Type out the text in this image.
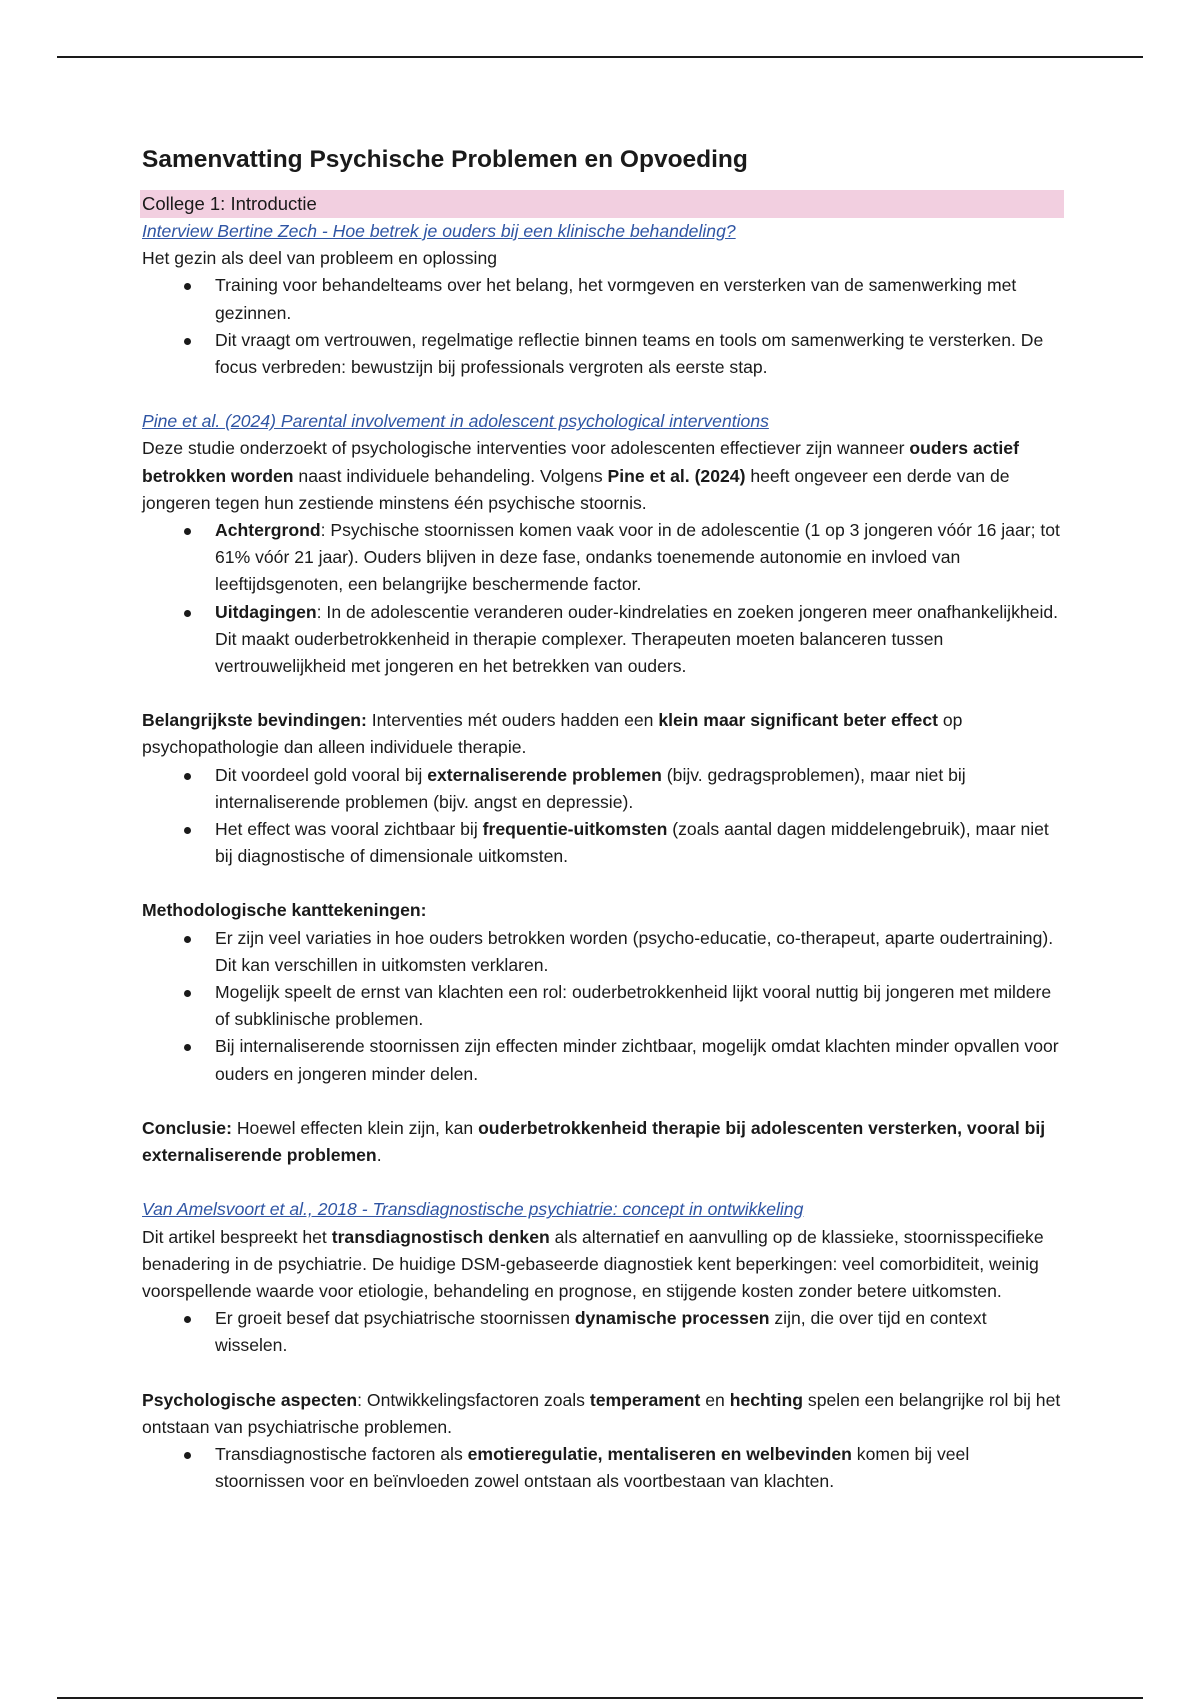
Samenvatting Psychische Problemen en Opvoeding
College 1: Introductie

Interview Bertine Zech - Hoe betrek je ouders bij een klinische behandeling?

Het gezin als deel van probleem en oplossing

Training voor behandelteams over het belang, het vormgeven en versterken van de samenwerking met gezinnen.
Dit vraagt om vertrouwen, regelmatige reflectie binnen teams en tools om samenwerking te versterken. De focus verbreden: bewustzijn bij professionals vergroten als eerste stap.

Pine et al. (2024) Parental involvement in adolescent psychological interventions

Deze studie onderzoekt of psychologische interventies voor adolescenten effectiever zijn wanneer ouders actief betrokken worden naast individuele behandeling. Volgens Pine et al. (2024) heeft ongeveer een derde van de jongeren tegen hun zestiende minstens één psychische stoornis.

Achtergrond: Psychische stoornissen komen vaak voor in de adolescentie (1 op 3 jongeren vóór 16 jaar; tot 61% vóór 21 jaar). Ouders blijven in deze fase, ondanks toenemende autonomie en invloed van leeftijdsgenoten, een belangrijke beschermende factor.
Uitdagingen: In de adolescentie veranderen ouder-kindrelaties en zoeken jongeren meer onafhankelijkheid. Dit maakt ouderbetrokkenheid in therapie complexer. Therapeuten moeten balanceren tussen vertrouwelijkheid met jongeren en het betrekken van ouders.

Belangrijkste bevindingen: Interventies mét ouders hadden een klein maar significant beter effect op psychopathologie dan alleen individuele therapie.

Dit voordeel gold vooral bij externaliserende problemen (bijv. gedragsproblemen), maar niet bij internaliserende problemen (bijv. angst en depressie).
Het effect was vooral zichtbaar bij frequentie-uitkomsten (zoals aantal dagen middelengebruik), maar niet bij diagnostische of dimensionale uitkomsten.

Methodologische kanttekeningen:

Er zijn veel variaties in hoe ouders betrokken worden (psycho-educatie, co-therapeut, aparte oudertraining). Dit kan verschillen in uitkomsten verklaren.
Mogelijk speelt de ernst van klachten een rol: ouderbetrokkenheid lijkt vooral nuttig bij jongeren met mildere of subklinische problemen.
Bij internaliserende stoornissen zijn effecten minder zichtbaar, mogelijk omdat klachten minder opvallen voor ouders en jongeren minder delen.

Conclusie: Hoewel effecten klein zijn, kan ouderbetrokkenheid therapie bij adolescenten versterken, vooral bij externaliserende problemen.

Van Amelsvoort et al., 2018 - Transdiagnostische psychiatrie: concept in ontwikkeling

Dit artikel bespreekt het transdiagnostisch denken als alternatief en aanvulling op de klassieke, stoornisspecifieke benadering in de psychiatrie. De huidige DSM-gebaseerde diagnostiek kent beperkingen: veel comorbiditeit, weinig voorspellende waarde voor etiologie, behandeling en prognose, en stijgende kosten zonder betere uitkomsten.

Er groeit besef dat psychiatrische stoornissen dynamische processen zijn, die over tijd en context wisselen.

Psychologische aspecten: Ontwikkelingsfactoren zoals temperament en hechting spelen een belangrijke rol bij het ontstaan van psychiatrische problemen.

Transdiagnostische factoren als emotieregulatie, mentaliseren en welbevinden komen bij veel stoornissen voor en beïnvloeden zowel ontstaan als voortbestaan van klachten.
